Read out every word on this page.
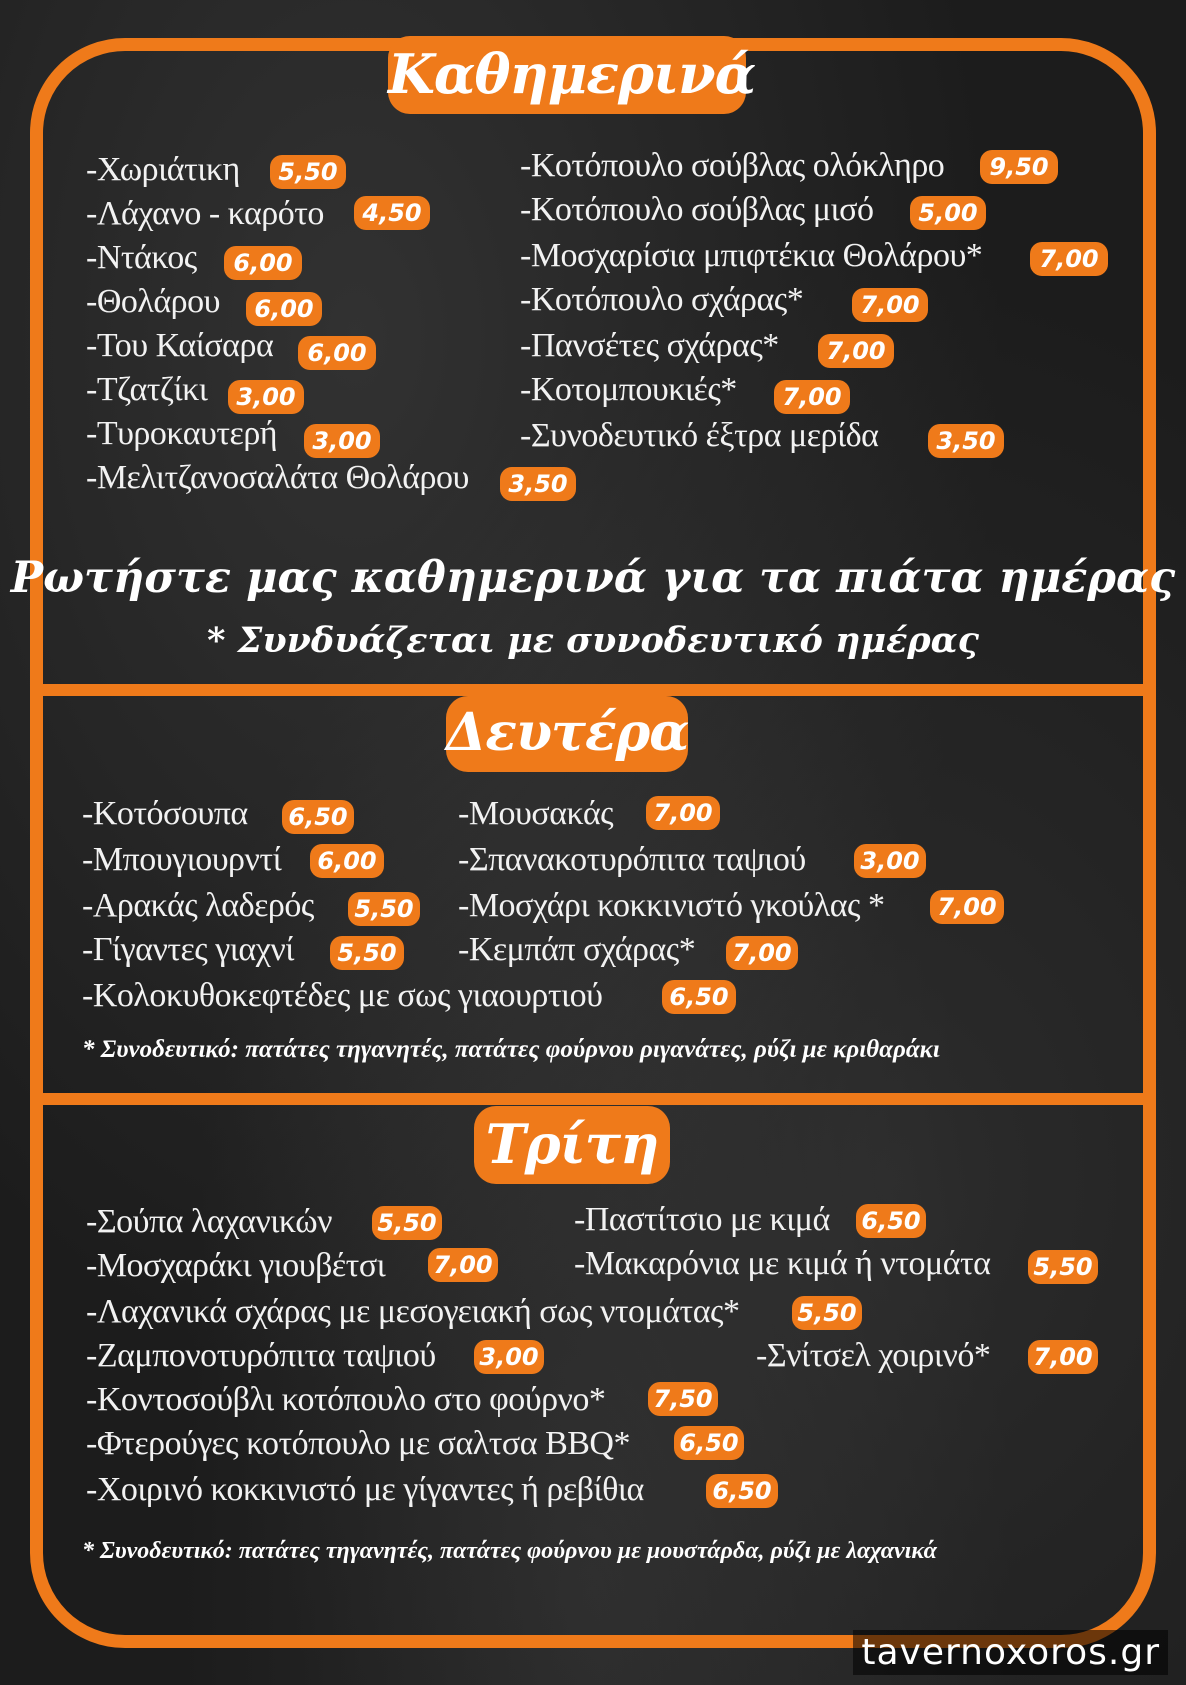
Καθημερινά
-Χωριάτικη	5,50
-Λάχανο - καρότο	4,50
-Ντάκος	6,00
-Θολάρου	6,00
-Του Καίσαρα	6,00
-Τζατζίκι	3,00
-Τυροκαυτερή	3,00
-Μελιτζανοσαλάτα Θολάρου	3,50
-Κοτόπουλο σούβλας ολόκληρο	9,50
-Κοτόπουλο σούβλας μισό	5,00
-Μοσχαρίσια μπιφτέκια Θολάρου*	7,00
-Κοτόπουλο σχάρας*	7,00
-Πανσέτες σχάρας*	7,00
-Κοτομπουκιές*	7,00
-Συνοδευτικό έξτρα μερίδα	3,50
Ρωτήστε μας καθημερινά για τα πιάτα ημέρας
* Συνδυάζεται με συνοδευτικό ημέρας
Δευτέρα
-Κοτόσουπα 6,50
-Μπουγιουρντί	6,00
-Αρακάς λαδερός 5,50
-Γίγαντες γιαχνί	5,50
-Κολοκυθοκεφτέδες με σως γιαουρτιού	6,50
-Μουσακάς	7,00
-Σπανακοτυρόπιτα ταψιού 3,00
-Μοσχάρι κοκκινιστό γκούλας *	7,00
-Κεμπάπ σχάρας* 7,00
* Συνοδευτικό: πατάτες τηγανητές, πατάτες φούρνου ριγανάτες, ρύζι με κριθαράκι
Τρίτη
-Σούπα λαχανικών 5,50
-Μοσχαράκι γιουβέτσι 7,00
-Λαχανικά σχάρας με μεσογειακή σως ντομάτας* 5,50
-Ζαμπονοτυρόπιτα ταψιού 3,00
-Κοντοσούβλι κοτόπουλο στο φούρνο* 7,50
-Φτερούγες κοτόπουλο με σαλτσα BBQ* 6,50
-Χοιρινό κοκκινιστό με γίγαντες ή ρεβίθια	6,50
-Παστίτσιο με κιμά 6,50
-Μακαρόνια με κιμά ή ντομάτα 5,50
-Σνίτσελ χοιρινό* 7,00
* Συνοδευτικό: πατάτες τηγανητές, πατάτες φούρνου με μουστάρδα, ρύζι με λαχανικά
tavernoxoros.gr
